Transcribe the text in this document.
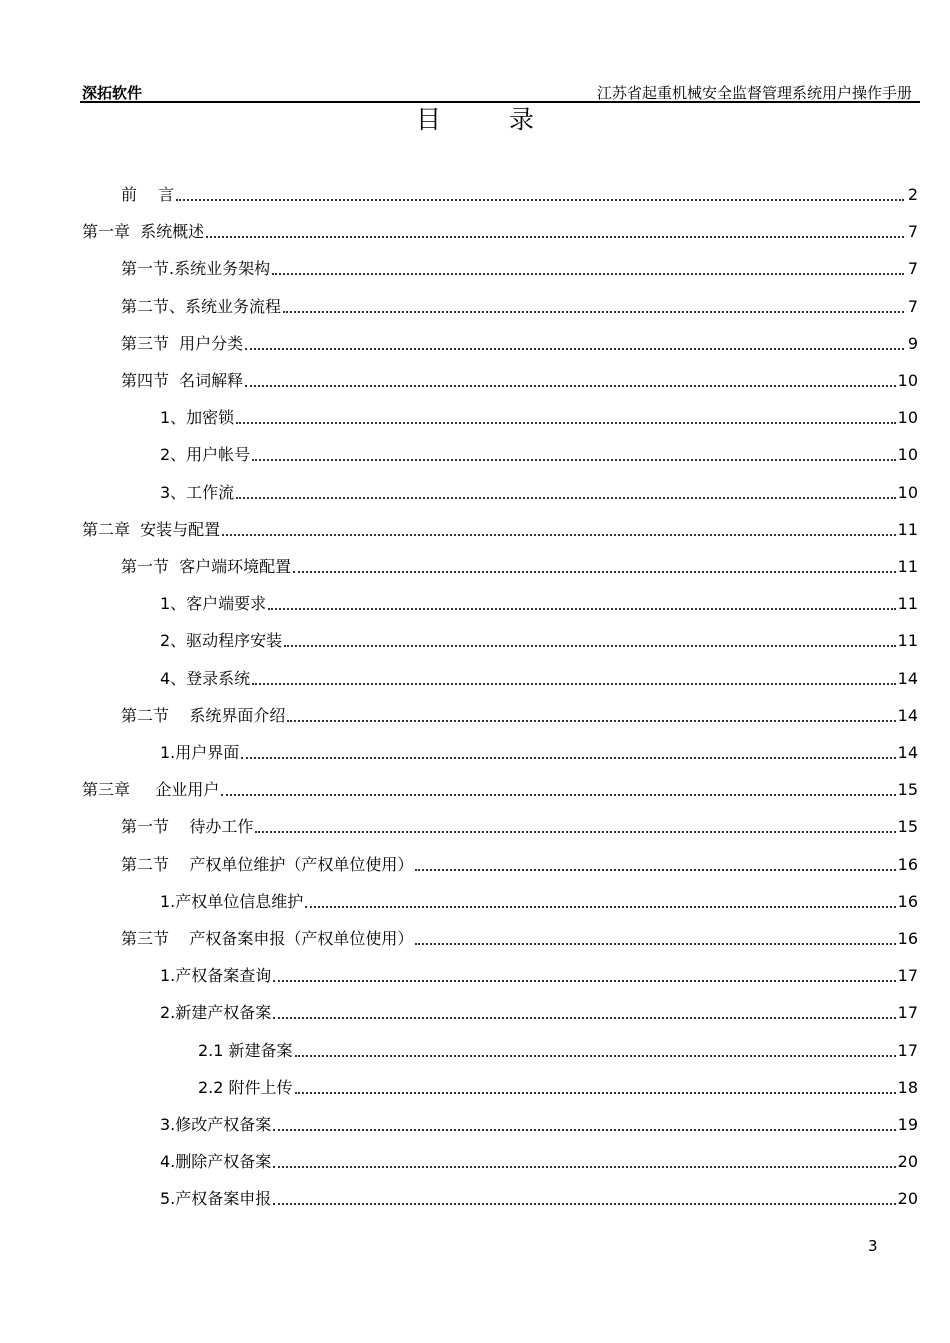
深拓软件	江苏省起重机械安全监督管理系统用户操作手册
目 录
前　 言	2
第一章  系统概述	7
第一节.系统业务架构	7
第二节、系统业务流程	7
第三节  用户分类	9
第四节  名词解释	10
1、加密锁	10
2、用户帐号	10
3、工作流	10
第二章  安装与配置	11
第一节  客户端环境配置	11
1、客户端要求	11
2、驱动程序安装	11
4、登录系统	14
第二节    系统界面介绍	14
1.用户界面	14
第三章     企业用户	15
第一节    待办工作	15
第二节    产权单位维护（产权单位使用）	16
1.产权单位信息维护	16
第三节    产权备案申报（产权单位使用）	16
1.产权备案查询	17
2.新建产权备案	17
2.1 新建备案	17
2.2 附件上传	18
3.修改产权备案	19
4.删除产权备案	20
5.产权备案申报	20
3
